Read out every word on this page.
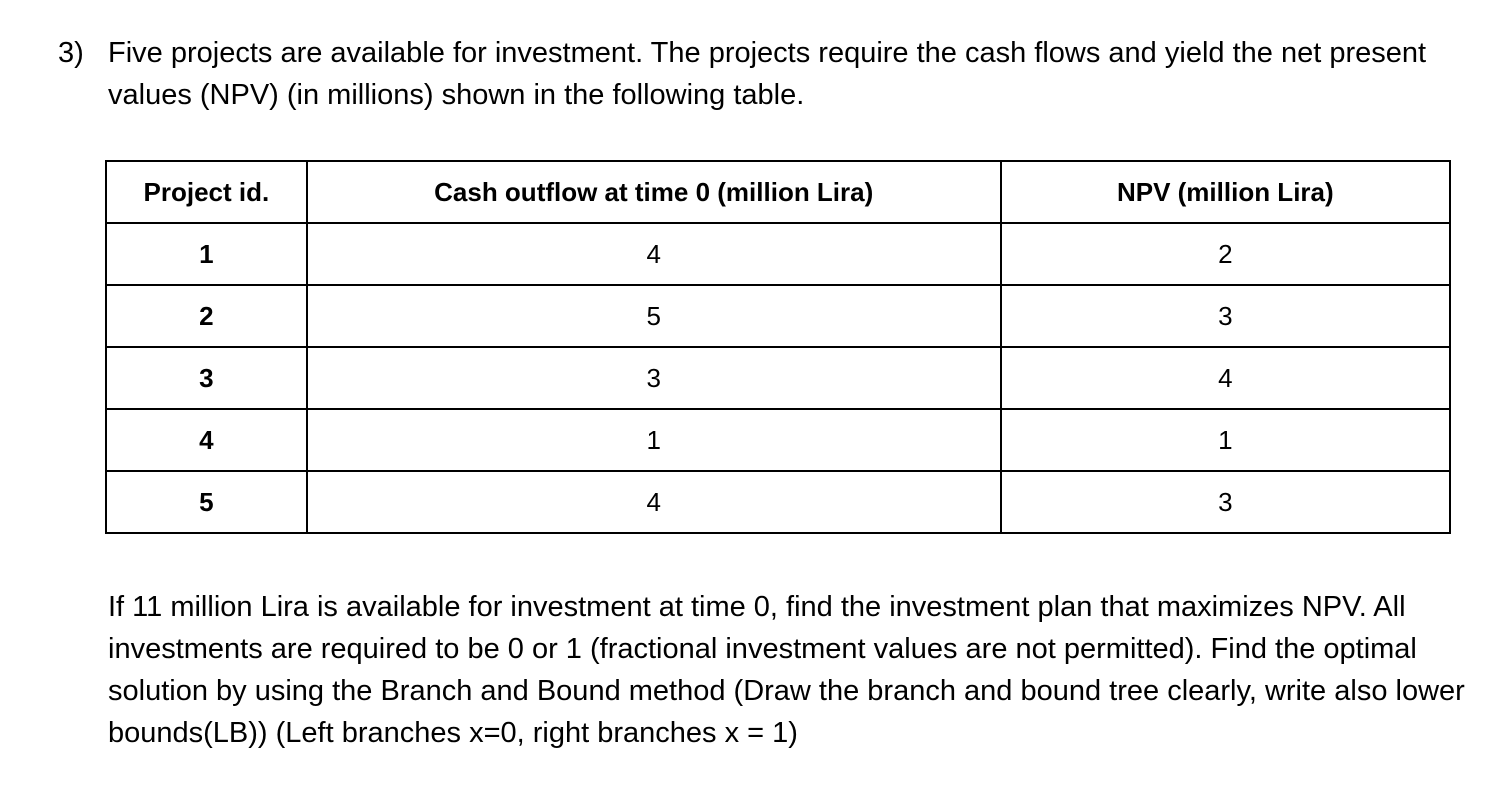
3) Five projects are available for investment. The projects require the cash flows and yield the net present values (NPV) (in millions) shown in the following table.
Project id.	Cash outflow at time 0 (million Lira)	NPV (million Lira)
1	4	2
2	5	3
3	3	4
4	1	1
5	4	3
If 11 million Lira is available for investment at time 0, find the investment plan that maximizes NPV. All investments are required to be 0 or 1 (fractional investment values are not permitted). Find the optimal solution by using the Branch and Bound method (Draw the branch and bound tree clearly, write also lower bounds(LB)) (Left branches x=0, right branches x = 1)
